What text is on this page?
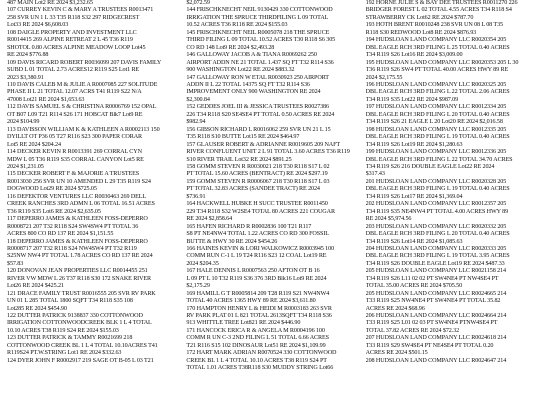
487 MAIN Lot2 RE 2024 $3,232.65
107 CURREY KEVIN C & MARY A TRUSTEES R0013471
258 SVR UN 1 L 33 T35 R118 S32 297 RIDGECREST
Lot33 RE 2024 $6,608.03
108 DAIGLE PROPERTY AND INVESTMENT LLC
R0014415 269 ALPINE RETREAT 2 L 45 T36 R119
SHOTOL 0.80 ACRES ALPINE MEADOW LOOP Lot45
RE 2024 $776.88
109 DAVIS RICARD ROBERT R0036099 207 DAVIS FAMILY
SUBD L 01 TOTAL 2.73 ACRES12 R119 S25 Lot1 RE
2023 $3,380.91
110 DAVIS CALEB M & JULIE A R0007085 227 SOLITUDE
PHASE II L 21 TOTAL 12.07 ACRS T41 R119 S22 N/A
47008 Lot21 RE 2024 $1,653.63
112 DAVIS SAMUEL S & CHRISTINA R0006769 152 OPAL
OT B07 L09 T21 R114 S26 171 HOBCAT Blk7 Lot9 RE
2024 $104.99
113 DAVISSON WILLIAM K & KATHLEEN A R0002113 150
DYILLT OT P36 05 T27 R116 S23 300 PAPER CORAR
Lot5 RE 2024 $204.24
114 DECKER KEVIN R R0013391 269 CORRAL CYN
MDW L 05 T36 R119 S35 CORRAL CANYON Lot5 RE
2024 $1,231.05
115 DECKER ROBERT F & MAJORIE A TRUSTEES
R0013030 256 SVR UN 10 AMENDED L 29 T35 R119 S24
DOGWOOD Lot29 RE 2024 $725.05
116 DEFEKTOR VENTURES LLC R0030463 269 DELL
CREEK RANCHES 3RD ADMN L 06 TOTAL 16.51 ACRES
T36 R119 S35 Lot6 RE 2024 $2,635.05
117 DEPERRO JAMES & KATHLEEN FOSS-DEPERRO
R0008721 207 T32 R118 S24 SW4SW4 PT TOTAL 36
ACRES 800 CO RD 137 RE 2024 $1,151.55
118 DEPERRO JAMES & KATHLEEN FOSS-DEPERRO
R0008717 207 T32 R118 S24 NW4SW4 PT T32 R119
S25NW NW4 PT TOTAL 1.78 ACRES CO RD 137 RE 2024
$57.83
120 DONOVAN JEAN PROPERTIES LLC R0014455 251
RIVER VW MDW L 26 T37 R118 S30 172 SNAKE RIVER
Lot26 RE 2024 $425.21
121 DRACE FAMILY TRUST R0016555 205 SVR RV PARK
UN 01 L 285 TOTAL 1800 SQFT T34 R118 S35 108
Lot285 RE 2024 $454.90
122 DUTTER PATRICK 9138837 330 COTTONWOOD
IRRIGATION COTTONWOODCREEK BLK 1 L 4 TOTAL
10.10 ACRES T38 R119 S24 RE 2024 $155.03
123 DUTTER PATRICK & TAMMY R0021699 218
COTTONWOOD CREEK BL 1 L 4 TOTAL 10.10ACRES T41
R119S24 PT.W.STRING Lot1 RE 2024 $332.63
124 DYER JOHN F R0002917 219 SAGE OT B-05 L 03 T21
$2,072.59
144 FRISCHKNECHT NEIL 9130429 330 COTTONWOOD
IRRIGATION THE SPRUCE THIRDFILING L 09 TOTAL
10.52 ACRES T36 R118 RE 2024 $155.03
145 FRISCHKNECHT NEIL R0005078 218 THE SPRUCE
THIRD FILING L 09 TOTAL 10.52 ACRES T30 R118 S6 305
CO RD 148 Lot9 RE 2024 $2,493.28
146 GALLOWAY JACOB A & TIANA R0069262 250
AIRPORT ADDN NE 21 TOTAL 1.437 SQ FT T32 R114 S36
900 WASHINGTON Lot22 RE 2024 $883.32
147 GALLOWAY RON W ETAL R0030923 250 AIRPORT
ADDN II L 22 TOTAL 14375 SQ FT T32 R114 S36
IMPROVEMENT ONLY 900 WASHINGTON RE 2024
$2,300.84
152 GEDDES JOEL III & JESSICA TRUSTEES R0027386
226 T34 R118 S20 SE4SE4 PT TOTAL 0.50 ACRES RE 2024
$982.94
156 GIBSON RICHARD L R0016062 259 SVR UN 21 L 15
T35 R118 S10 BUTTE Lot15 RE 2024 $464.97
157 GLAUSER ROBERT & ADRIANNE R0019605 209 NAFT
RIVER CONFLUENT UNIT 2 L 91 TOTAL 3.60 ACRES T36 R119
S10 RIVER TRAIL Lot32 RE 2024 $891.25
158 GOMM STEVEN R R0030021 218 T30 R118 S17 L 02
PT TOTAL 15.60 ACRES (BENTRACT) RE 2024 $297.19
159 GOMM STEVEN R R0006067 218 T30 R118 S17 L 03
PT TOTAL 32.83 ACRES (SANDEE TRACT) RE 2024
$736.91
164 HACKWELL HUBKE H SUCC TRUSTEE R0011450
229 T34 R118 S32 W2SE4 TOTAL 80 ACRES 221 COUGAR
RE 2024 $2,858.64
165 HAFEN RICHARD R R0002836 100 T21 R117
S8 PT NE4NW4 TOTAL 1.22 ACRES CO RD 300 FOSSIL
BUTTE & HWY 30 RE 2024 $454.26
166 HAINES KEVIN & LORI WALKOWICZ R0003945 100
COMM RUN C-1 L 19 T24 R116 S23 12 COAL Lot19 RE
2024 $204.35
167 HALE DENNIS L R0007563 250 AFTON OT B 16
L 09 PT L 10 T32 R119 S36 376 3RD Blk16 Lot9 RE 2024
$2,175.29
169 HAMILL G T R0005814 209 T28 R119 S21 NW4NW4
TOTAL 40 ACRES 1365 HWY 89 RE 2024 $3,611.80
170 HAMPTON HENRY L & HEIDI M R0003183 263 SVR
RV PARK PLAT 01 L 821 TOTAL 2613SQFT T34 R118 S36
913 WHITTLE TREE Lot821 RE 2024 $446.90
171 HANCOCK ERICA R & ANGELA M R0004196 100
COMM R UN C-3 2ND FILING L 51 TOTAL 6.66 ACRES
T21 R116 S15 102 DINOSAUR Lot51 RE 2024 $1,109.99
172 HART MARK ADRIAN R0070524 330 COTTONWOOD
CREEK BL 1 L 4 TOTAL 10.10 ACRES T38 R119 S24 PT
TOTAL 1.01 ACRES T38R118 S30 MUDDY STRING Lot66
192 HORNE JULIE S & BAY DEE TRUSTEES R0011270 226
BRIDGER FOREST L 02 TOTAL 4.55 ACRES T34 R118 S4
STRAWBERRY CK Lot62 RE 2024 $787.70
193 HOTH BRENT R0010248 238 SVR UN 08 L 08 T35
R118 S30 REDWOOD Lot8 RE 2024 $876.93
194 HUDSLOAN LAND COMPANY LLC R0020354 205
DBL EAGLE RCH 3RD FILING L 25 TOTAL 0.40 ACRES
T34 R119 S26 Lot16 RE 2024 $3,009.00
195 HUDSLOAN LAND COMPANY LLC R0020353 205 L 30
T36 R119 S26 SW4 PT TOTAL 40.00 ACRES HWY 89 RE
2024 $2,175.55
196 HUDSLOAN LAND COMPANY LLC R0020325 205
DBL EAGLE RCH 3RD FILING L 22 TOTAL 2.06 ACRES
T34 R119 S35 Lot22 RE 2024 $987.09
197 HUDSLOAN LAND COMPANY LLC R0012334 205
DBL EAGLE RCH 3RD FILING L 20 TOTAL 0.40 ACRES
T34 R119 S26 21 EAGLE L 20 Lot20 RE 2024 $2,016.58
198 HUDSLOAN LAND COMPANY LLC R0012335 205
DBL EAGLE RCH 3RD FILING L 19 TOTAL 0.40 ACRES
T34 R119 S26 Lot19 RE 2024 $1,280.63
199 HUDSLOAN LAND COMPANY LLC R0012336 205
DBL EAGLE RCH 3RD FILING L 22 TOTAL 34.70 ACRES
T34 R119 S26 216 DOUBLE EAGLE Lot22 RE 2024
$317.43
201 HUDSLOAN LAND COMPANY LLC R0020328 205
DBL EAGLE RCH 3RD FILING L 19 TOTAL 0.40 ACRES
T34 R119 S26 Lot17 RE 2024 $1,369.04
202 HUDSLOAN LAND COMPANY LLC R0012357 205
T34 R119 S35 NE4NW4 PT TOTAL 4.00 ACRES HWY 89
RE 2024 $5,974.56
203 HUDSLOAN LAND COMPANY LLC R0020332 205
DBL EAGLE RCH 3RD FILING L 20 TOTAL 0.40 ACRES
T34 R119 S26 Lot14 RE 2024 $1,085.63
204 HUDSLOAN LAND COMPANY LLC R0020333 205
DBL EAGLE RCH 3RD FILING L 19 TOTAL 3.95 ACRES
T34 R119 S26 DOUBLE EAGLE Lot19 RE 2024 $487.33
205 HUDSLOAN LAND COMPANY LLC R0021158 214
T34 R119 S26 L11 02 02 PT SW4NE4 PT NW4SE4 PT
TOTAL 35.00 ACRES RE 2024 $705.50
205 HUDSLOAN LAND COMPANY LLC R0024665 214
T33 R119 S25 NW4NE4 PT SW4NE4 PT TOTAL 35.82
ACRES RE 2024 $68.96
206 HUDSLOAN LAND COMPANY LLC R0024664 214
T33 R119 S25 L01 02 03 PT SW4NE4 PTNW4SE4 PT
TOTAL 37.82 ACRES RE 2024 $72.32
207 HUDSLOAN LAND COMPANY LLC R0024618 214
T33 R119 S29 SW4SE4 PT NE4SE4 PT TOTAL 0.20
ACRES RE 2024 $501.15
208 HUDSLOAN LAND COMPANY LLC R0024647 214
